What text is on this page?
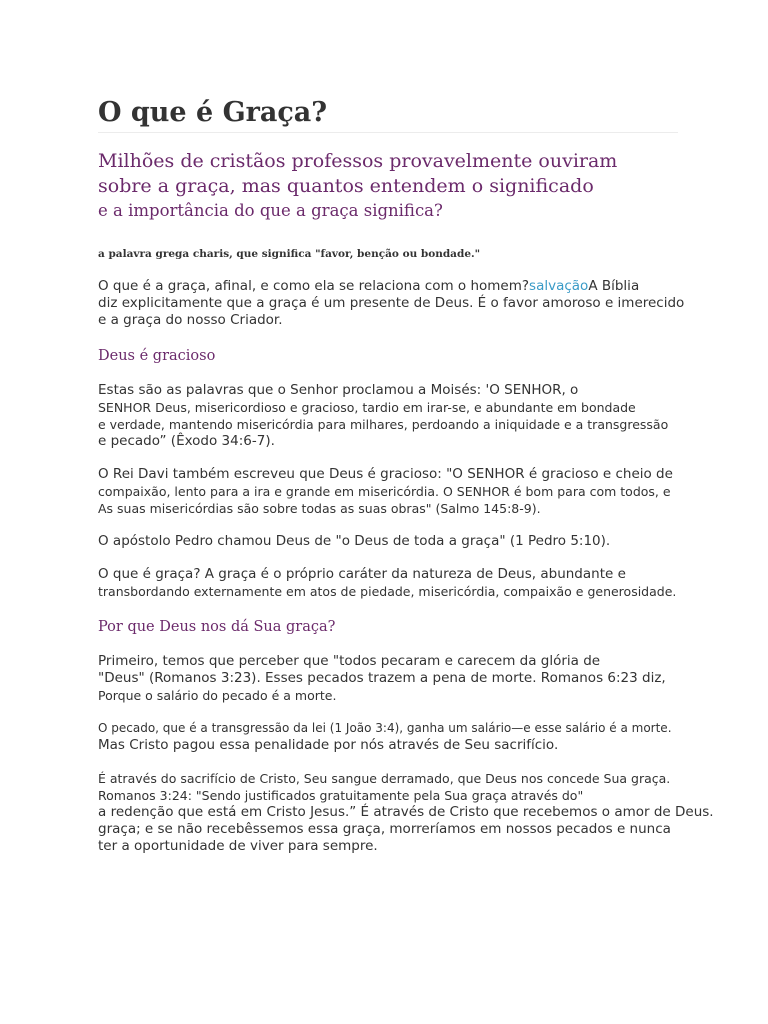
O que é Graça?
Milhões de cristãos professos provavelmente ouviram
sobre a graça, mas quantos entendem o significado
e a importância do que a graça significa?
a palavra grega charis, que significa "favor, benção ou bondade."
O que é a graça, afinal, e como ela se relaciona com o homem?salvaçãoA Bíblia
diz explicitamente que a graça é um presente de Deus. É o favor amoroso e imerecido
e a graça do nosso Criador.
Deus é gracioso
Estas são as palavras que o Senhor proclamou a Moisés: 'O SENHOR, o
SENHOR Deus, misericordioso e gracioso, tardio em irar-se, e abundante em bondade
e verdade, mantendo misericórdia para milhares, perdoando a iniquidade e a transgressão
e pecado” (Êxodo 34:6-7).
O Rei Davi também escreveu que Deus é gracioso: "O SENHOR é gracioso e cheio de
compaixão, lento para a ira e grande em misericórdia. O SENHOR é bom para com todos, e
As suas misericórdias são sobre todas as suas obras" (Salmo 145:8-9).
O apóstolo Pedro chamou Deus de "o Deus de toda a graça" (1 Pedro 5:10).
O que é graça? A graça é o próprio caráter da natureza de Deus, abundante e
transbordando externamente em atos de piedade, misericórdia, compaixão e generosidade.
Por que Deus nos dá Sua graça?
Primeiro, temos que perceber que "todos pecaram e carecem da glória de
"Deus" (Romanos 3:23). Esses pecados trazem a pena de morte. Romanos 6:23 diz,
Porque o salário do pecado é a morte.
O pecado, que é a transgressão da lei (1 João 3:4), ganha um salário—e esse salário é a morte.
Mas Cristo pagou essa penalidade por nós através de Seu sacrifício.
É através do sacrifício de Cristo, Seu sangue derramado, que Deus nos concede Sua graça.
Romanos 3:24: "Sendo justificados gratuitamente pela Sua graça através do"
a redenção que está em Cristo Jesus.” É através de Cristo que recebemos o amor de Deus.
graça; e se não recebêssemos essa graça, morreríamos em nossos pecados e nunca
ter a oportunidade de viver para sempre.
